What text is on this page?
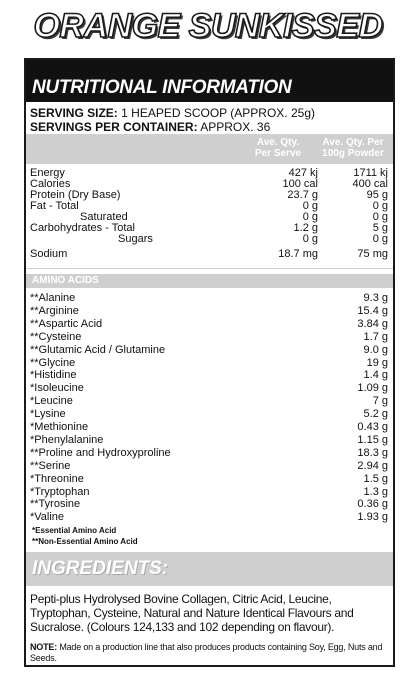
ORANGE SUNKISSED
NUTRITIONAL INFORMATION
SERVING SIZE: 1 HEAPED SCOOP (APPROX. 25g)
SERVINGS PER CONTAINER: APPROX. 36
Ave. Qty.
Per Serve
Ave. Qty. Per
100g Powder
Energy	427 kj	1711 kj
Calories	100 cal	400 cal
Protein (Dry Base)	23.7 g	95 g
Fat - Total	0 g	0 g
Saturated	0 g	0 g
Carbohydrates - Total	1.2 g	5 g
Sugars	0 g	0 g
Sodium	18.7 mg	75 mg
AMINO ACIDS
**Alanine	9.3 g
**Arginine	15.4 g
**Aspartic Acid	3.84 g
**Cysteine	1.7 g
**Glutamic Acid / Glutamine	9.0 g
**Glycine	19 g
*Histidine	1.4 g
*Isoleucine	1.09 g
*Leucine	7 g
*Lysine	5.2 g
*Methionine	0.43 g
*Phenylalanine	1.15 g
**Proline and Hydroxyproline	18.3 g
**Serine	2.94 g
*Threonine	1.5 g
*Tryptophan	1.3 g
**Tyrosine	0.36 g
*Valine	1.93 g
*Essential Amino Acid
**Non-Essential Amino Acid
INGREDIENTS:
Pepti-plus Hydrolysed Bovine Collagen, Citric Acid, Leucine, Tryptophan, Cysteine, Natural and Nature Identical Flavours and Sucralose. (Colours 124,133 and 102 depending on flavour).
NOTE: Made on a production line that also produces products containing Soy, Egg, Nuts and Seeds.
